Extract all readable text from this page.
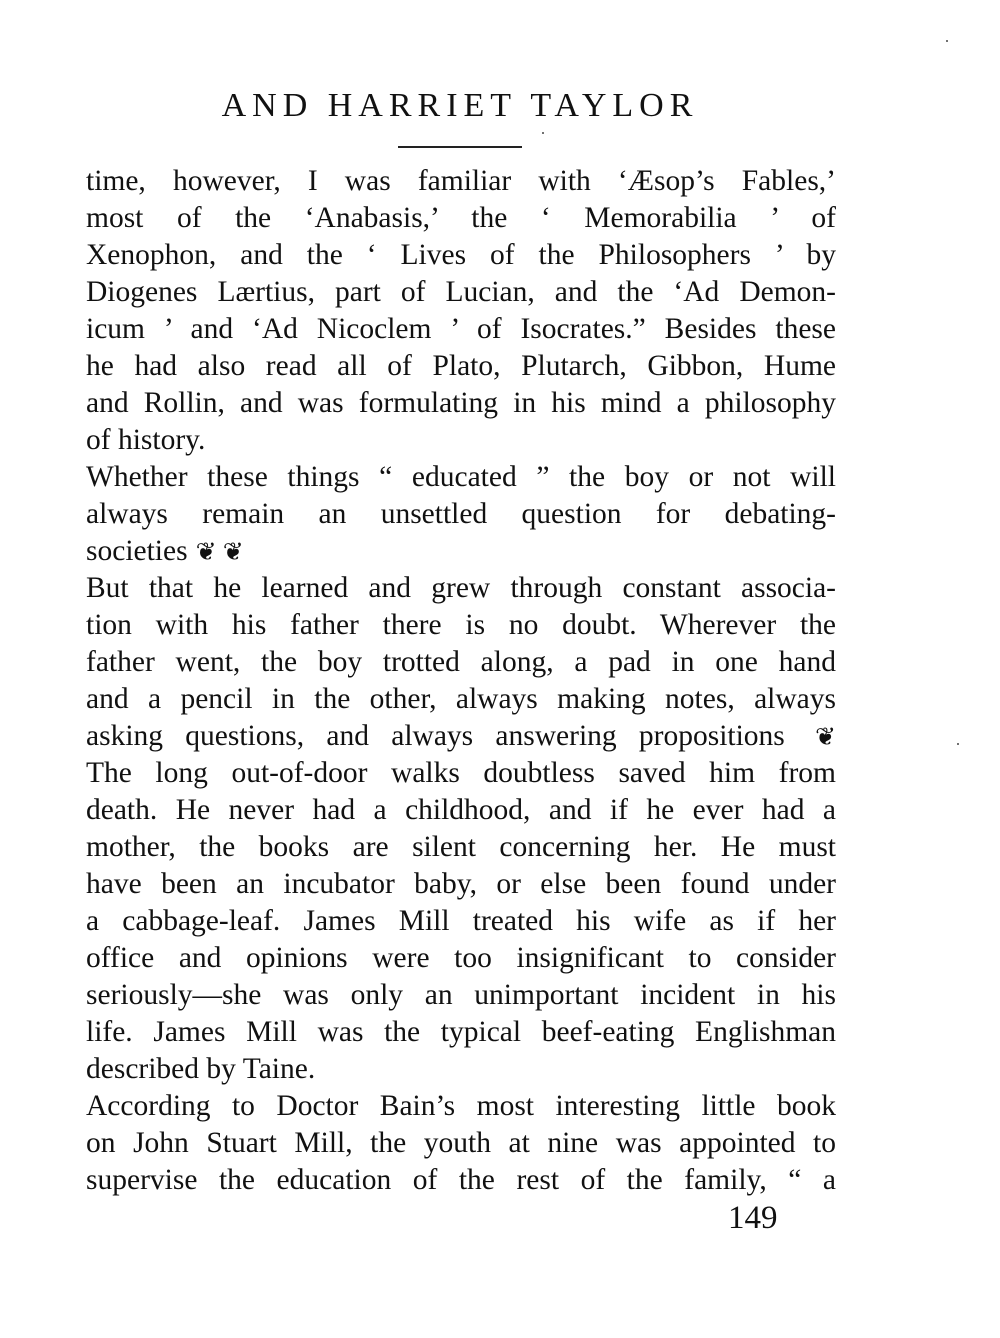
AND HARRIET TAYLOR
time, however, I was familiar with ‘Æsop’s Fables,’
most of the ‘Anabasis,’ the ‘ Memorabilia ’ of
Xenophon, and the ‘ Lives of the Philosophers ’ by
Diogenes Lærtius, part of Lucian, and the ‘Ad Demon-
icum ’ and ‘Ad Nicoclem ’ of Isocrates.” Besides these
he had also read all of Plato, Plutarch, Gibbon, Hume
and Rollin, and was formulating in his mind a philosophy
of history.
Whether these things “ educated ” the boy or not will
always remain an unsettled question for debating-
societies ❦ ❦
But that he learned and grew through constant associa-
tion with his father there is no doubt. Wherever the
father went, the boy trotted along, a pad in one hand
and a pencil in the other, always making notes, always
asking questions, and always answering propositions ❦
The long out-of-door walks doubtless saved him from
death. He never had a childhood, and if he ever had a
mother, the books are silent concerning her. He must
have been an incubator baby, or else been found under
a cabbage-leaf. James Mill treated his wife as if her
office and opinions were too insignificant to consider
seriously—she was only an unimportant incident in his
life. James Mill was the typical beef-eating Englishman
described by Taine.
According to Doctor Bain’s most interesting little book
on John Stuart Mill, the youth at nine was appointed to
supervise the education of the rest of the family, “ a
149
